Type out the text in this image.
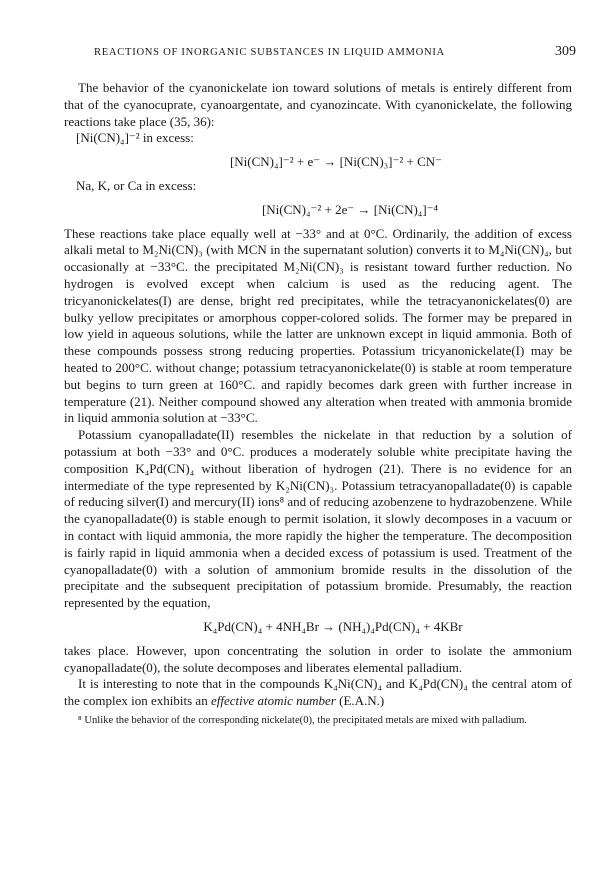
REACTIONS OF INORGANIC SUBSTANCES IN LIQUID AMMONIA	309

The behavior of the cyanonickelate ion toward solutions of metals is entirely different from that of the cyanocuprate, cyanoargentate, and cyanozincate. With cyanonickelate, the following reactions take place (35, 36):

[Ni(CN)₄]⁻² in excess:

[Ni(CN)₄]⁻² + e⁻ → [Ni(CN)₃]⁻² + CN⁻

Na, K, or Ca in excess:

[Ni(CN)₄⁻² + 2e⁻ → [Ni(CN)₄]⁻⁴

These reactions take place equally well at −33° and at 0°C. Ordinarily, the addition of excess alkali metal to M₂Ni(CN)₃ (with MCN in the supernatant solution) converts it to M₄Ni(CN)₄, but occasionally at −33°C. the precipitated M₂Ni(CN)₃ is resistant toward further reduction. No hydrogen is evolved except when calcium is used as the reducing agent. The tricyanonickelates(I) are dense, bright red precipitates, while the tetracyanonickelates(0) are bulky yellow precipitates or amorphous copper-colored solids. The former may be prepared in low yield in aqueous solutions, while the latter are unknown except in liquid ammonia. Both of these compounds possess strong reducing properties. Potassium tricyanonickelate(I) may be heated to 200°C. without change; potassium tetracyanonickelate(0) is stable at room temperature but begins to turn green at 160°C. and rapidly becomes dark green with further increase in temperature (21). Neither compound showed any alteration when treated with ammonia bromide in liquid ammonia solution at −33°C.

Potassium cyanopalladate(II) resembles the nickelate in that reduction by a solution of potassium at both −33° and 0°C. produces a moderately soluble white precipitate having the composition K₄Pd(CN)₄ without liberation of hydrogen (21). There is no evidence for an intermediate of the type represented by K₂Ni(CN)₃. Potassium tetracyanopalladate(0) is capable of reducing silver(I) and mercury(II) ions⁸ and of reducing azobenzene to hydrazobenzene. While the cyanopalladate(0) is stable enough to permit isolation, it slowly decomposes in a vacuum or in contact with liquid ammonia, the more rapidly the higher the temperature. The decomposition is fairly rapid in liquid ammonia when a decided excess of potassium is used. Treatment of the cyanopalladate(0) with a solution of ammonium bromide results in the dissolution of the precipitate and the subsequent precipitation of potassium bromide. Presumably, the reaction represented by the equation,

K₄Pd(CN)₄ + 4NH₄Br → (NH₄)₄Pd(CN)₄ + 4KBr

takes place. However, upon concentrating the solution in order to isolate the ammonium cyanopalladate(0), the solute decomposes and liberates elemental palladium.

It is interesting to note that in the compounds K₄Ni(CN)₄ and K₄Pd(CN)₄ the central atom of the complex ion exhibits an effective atomic number (E.A.N.)

⁸ Unlike the behavior of the corresponding nickelate(0), the precipitated metals are mixed with palladium.
